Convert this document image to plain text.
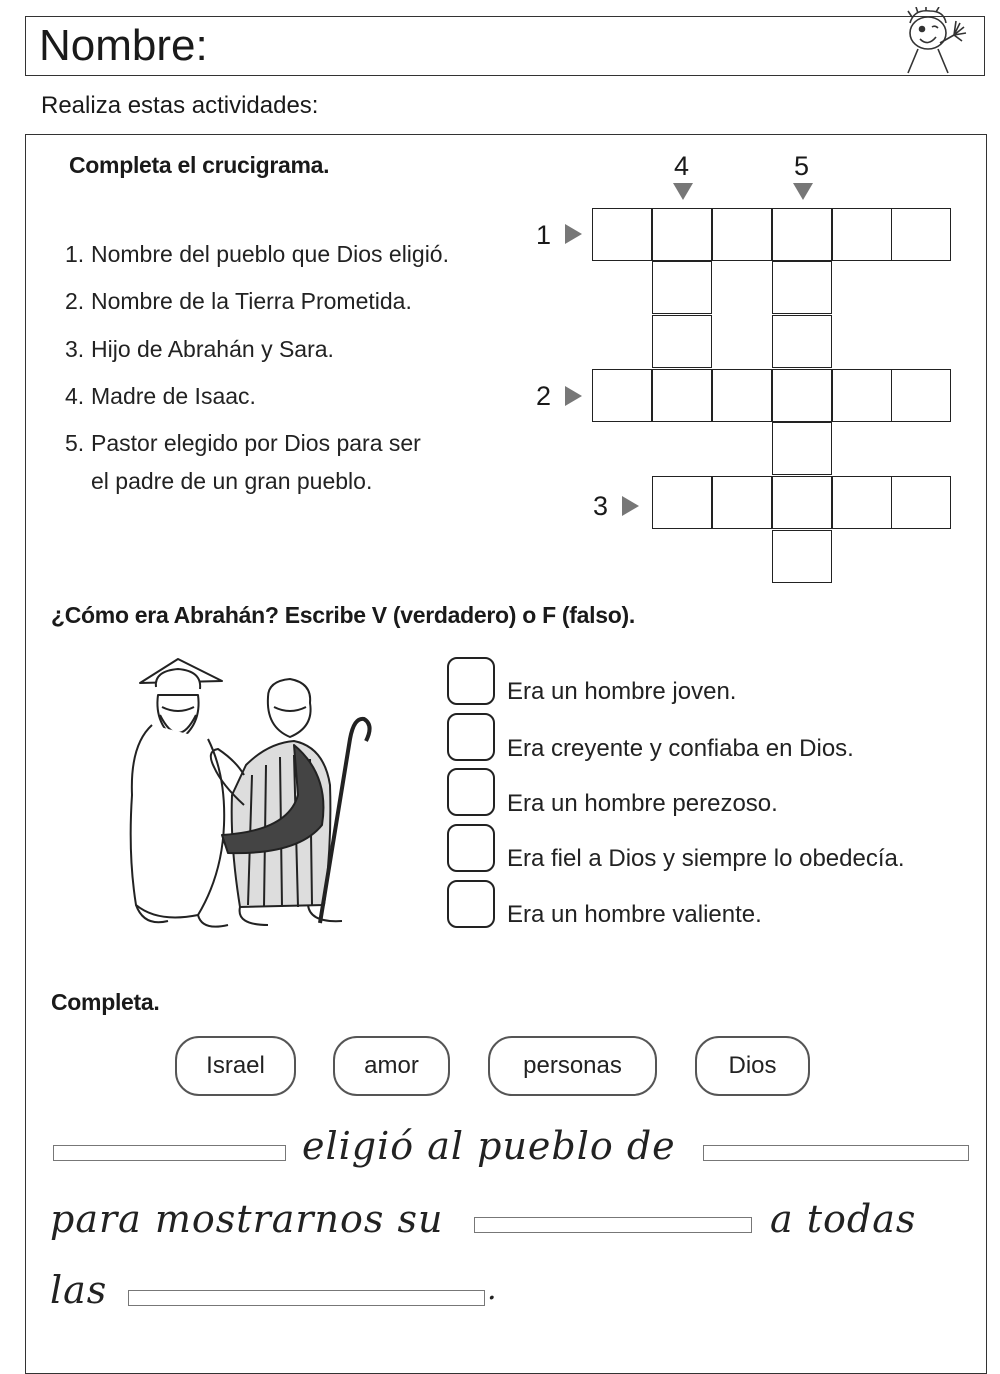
Nombre:
Realiza estas actividades:
Completa el crucigrama.
1. Nombre del pueblo que Dios eligió.
2. Nombre de la Tierra Prometida.
3. Hijo de Abrahán y Sara.
4. Madre de Isaac.
5. Pastor elegido por Dios para ser
el padre de un gran pueblo.
1
2
3
4	5
¿Cómo era Abrahán? Escribe V (verdadero) o F (falso).
Era un hombre joven.
Era creyente y confiaba en Dios.
Era un hombre perezoso.
Era fiel a Dios y siempre lo obedecía.
Era un hombre valiente.
Completa.
Israel	amor	personas	Dios
eligió al pueblo de
para mostrarnos su	a todas
las	.
